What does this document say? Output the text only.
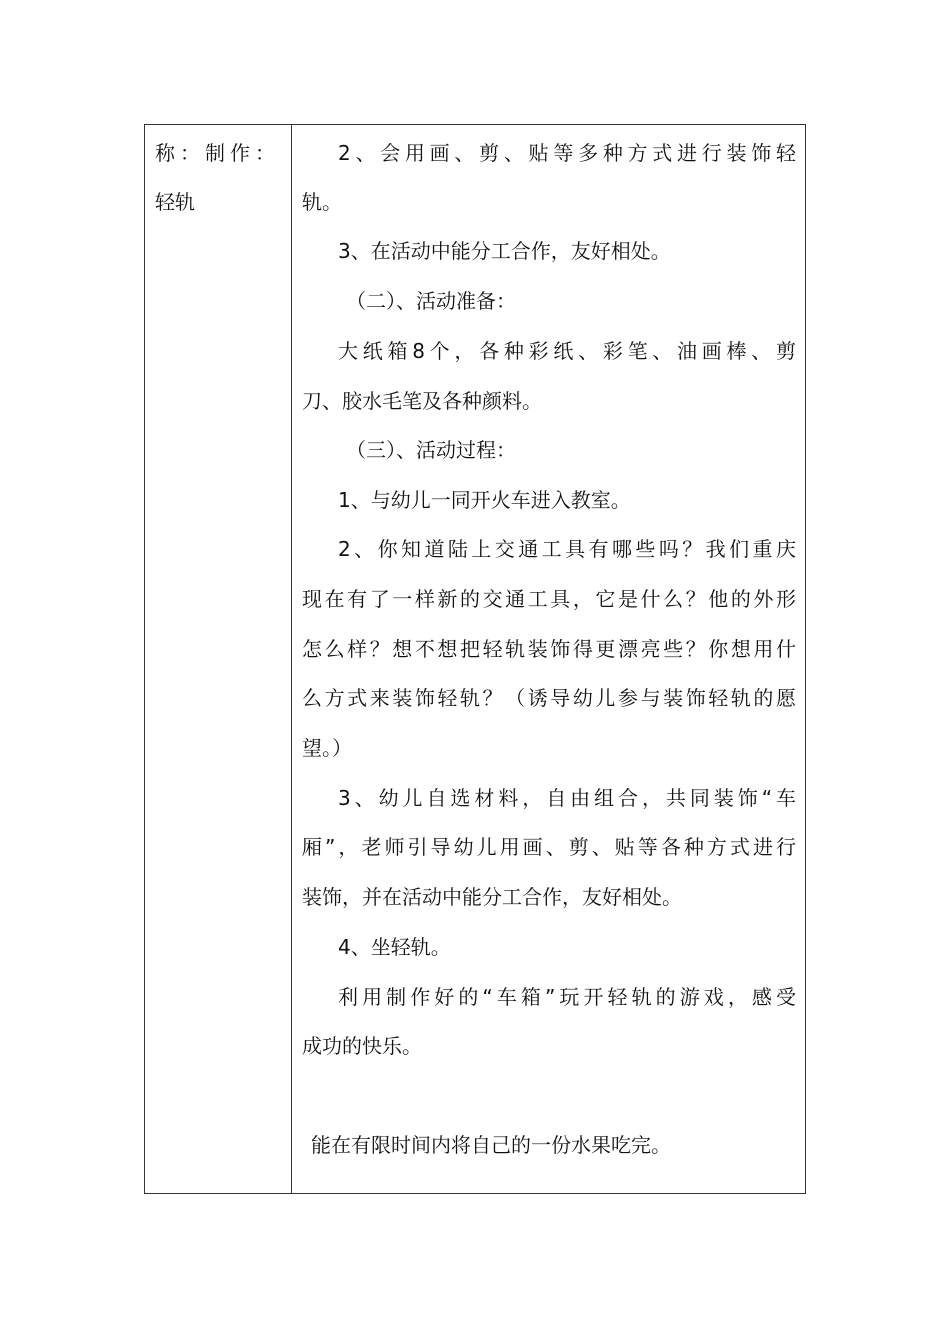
称：制作：
轻轨
2、会用画、剪、贴等多种方式进行装饰轻
轨。
3、在活动中能分工合作，友好相处。
（二）、活动准备：
大纸箱8个，各种彩纸、彩笔、油画棒、剪
刀、胶水毛笔及各种颜料。
（三）、活动过程：
1、与幼儿一同开火车进入教室。
2、你知道陆上交通工具有哪些吗？我们重庆
现在有了一样新的交通工具，它是什么？他的外形
怎么样？想不想把轻轨装饰得更漂亮些？你想用什
么方式来装饰轻轨？（诱导幼儿参与装饰轻轨的愿
望。）
3、幼儿自选材料，自由组合，共同装饰“车
厢”，老师引导幼儿用画、剪、贴等各种方式进行
装饰，并在活动中能分工合作，友好相处。
4、坐轻轨。
利用制作好的“车箱”玩开轻轨的游戏，感受
成功的快乐。
能在有限时间内将自己的一份水果吃完。
